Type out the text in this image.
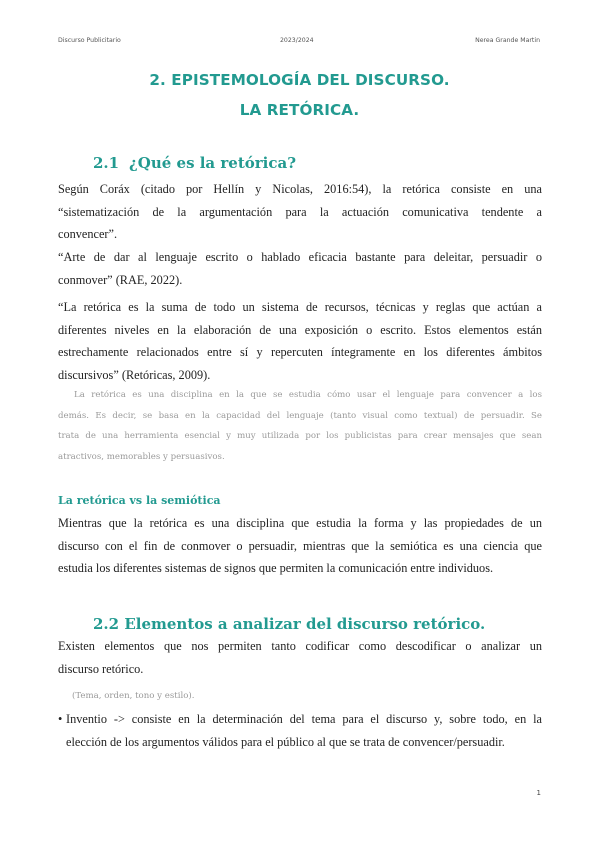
Discurso Publicitario	2023/2024	Nerea Grande Martin
2. EPISTEMOLOGÍA DEL DISCURSO.
LA RETÓRICA.
2.1 ¿Qué es la retórica?
Según Coráx (citado por Hellín y Nicolas, 2016:54), la retórica consiste en una
“sistematización de la argumentación para la actuación comunicativa tendente a
convencer”.
“Arte de dar al lenguaje escrito o hablado eficacia bastante para deleitar, persuadir o
conmover” (RAE, 2022).
“La retórica es la suma de todo un sistema de recursos, técnicas y reglas que actúan a
diferentes niveles en la elaboración de una exposición o escrito. Estos elementos están
estrechamente relacionados entre sí y repercuten íntegramente en los diferentes ámbitos
discursivos” (Retóricas, 2009).
La retórica es una disciplina en la que se estudia cómo usar el lenguaje para convencer a los
demás. Es decir, se basa en la capacidad del lenguaje (tanto visual como textual) de persuadir. Se
trata de una herramienta esencial y muy utilizada por los publicistas para crear mensajes que sean
atractivos, memorables y persuasivos.
La retórica vs la semiótica
Mientras que la retórica es una disciplina que estudia la forma y las propiedades de un
discurso con el fin de conmover o persuadir, mientras que la semiótica es una ciencia que
estudia los diferentes sistemas de signos que permiten la comunicación entre individuos.
2.2 Elementos a analizar del discurso retórico.
Existen elementos que nos permiten tanto codificar como descodificar o analizar un
discurso retórico.
(Tema, orden, tono y estilo).
• Inventio -> consiste en la determinación del tema para el discurso y, sobre todo, en la
elección de los argumentos válidos para el público al que se trata de convencer/persuadir.
1
